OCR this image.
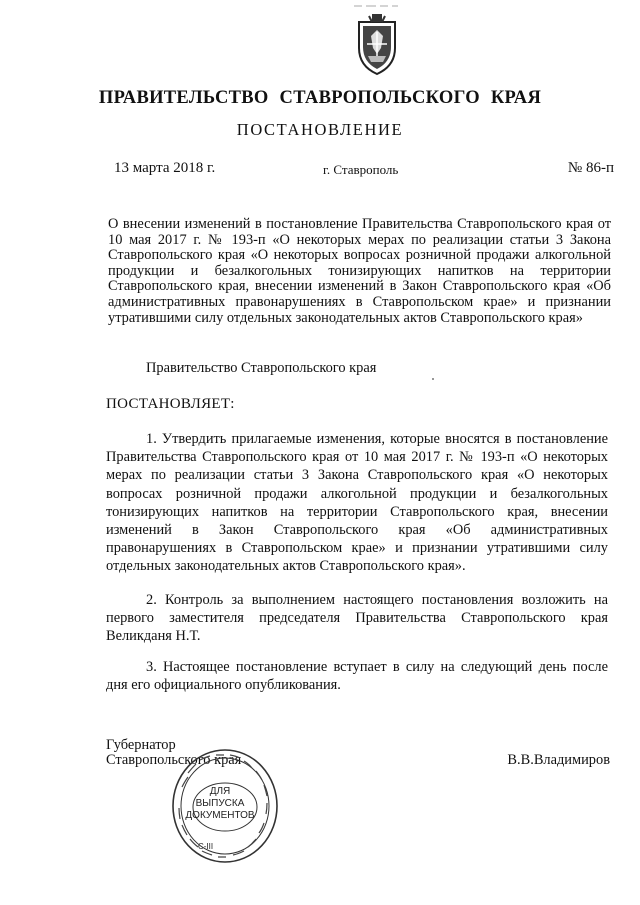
ПРАВИТЕЛЬСТВО СТАВРОПОЛЬСКОГО КРАЯ
ПОСТАНОВЛЕНИЕ
13 марта 2018 г.	г. Ставрополь	№ 86-п
О внесении изменений в постановление Правительства Ставропольского края от 10 мая 2017 г. № 193-п «О некоторых мерах по реализации статьи 3 Закона Ставропольского края «О некоторых вопросах розничной продажи алкогольной продукции и безалкогольных тонизирующих напитков на территории Ставропольского края, внесении изменений в Закон Ставропольского края «Об административных правонарушениях в Ставропольском крае» и признании утратившими силу отдельных законодательных актов Ставропольского края»
Правительство Ставропольского края
ПОСТАНОВЛЯЕТ:
1. Утвердить прилагаемые изменения, которые вносятся в постановление Правительства Ставропольского края от 10 мая 2017 г. № 193-п «О некоторых мерах по реализации статьи 3 Закона Ставропольского края «О некоторых вопросах розничной продажи алкогольной продукции и безалкогольных тонизирующих напитков на территории Ставропольского края, внесении изменений в Закон Ставропольского края «Об административных правонарушениях в Ставропольском крае» и признании утратившими силу отдельных законодательных актов Ставропольского края».
2. Контроль за выполнением настоящего постановления возложить на первого заместителя председателя Правительства Ставропольского края Великданя Н.Т.
3. Настоящее постановление вступает в силу на следующий день после дня его официального опубликования.
Губернатор
Ставропольского края	В.В.Владимиров
ДЛЯ ВЫПУСКА ДОКУМЕНТОВ
С-III
